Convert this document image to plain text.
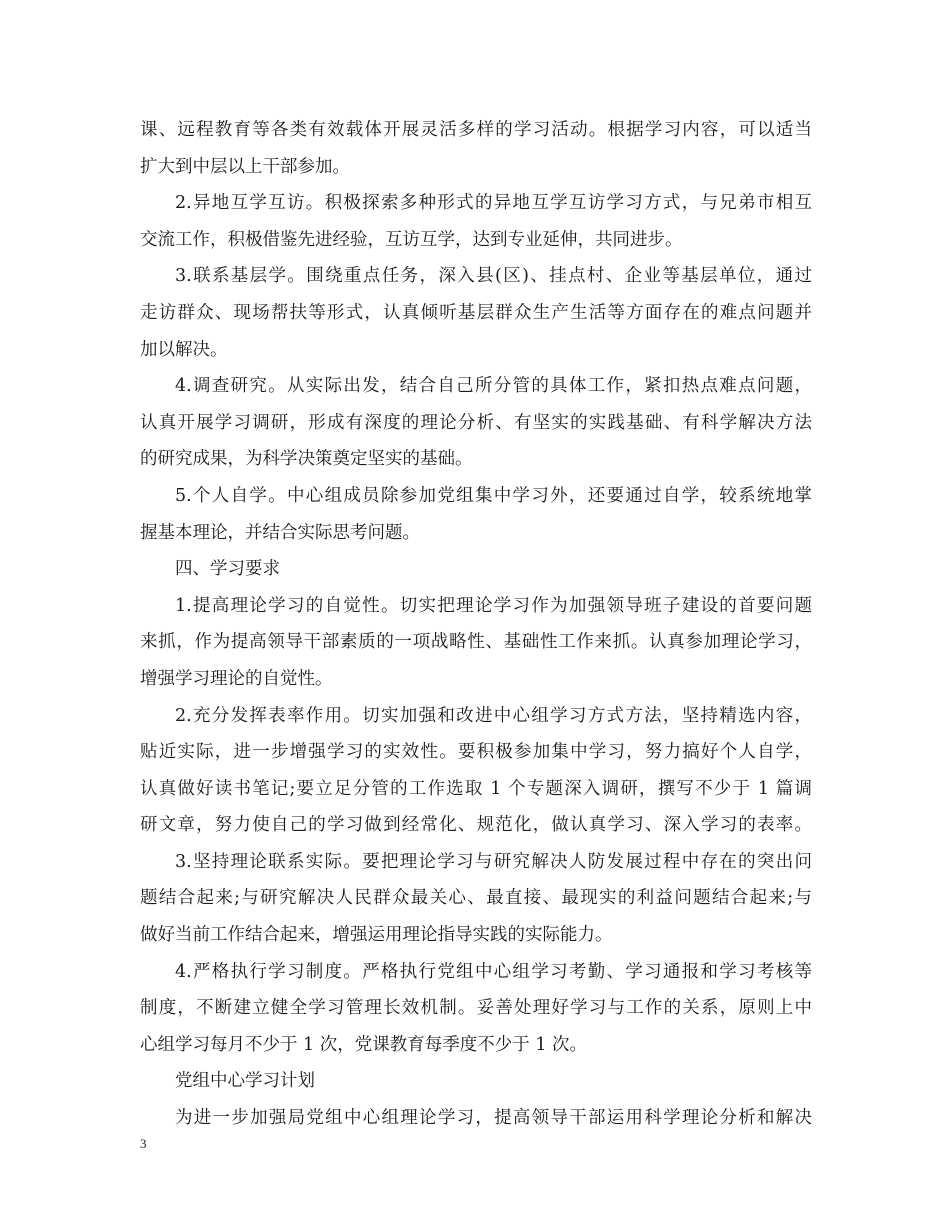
课、远程教育等各类有效载体开展灵活多样的学习活动。根据学习内容，可以适当
扩大到中层以上干部参加。
2.异地互学互访。积极探索多种形式的异地互学互访学习方式，与兄弟市相互
交流工作，积极借鉴先进经验，互访互学，达到专业延伸，共同进步。
3.联系基层学。围绕重点任务，深入县(区)、挂点村、企业等基层单位，通过
走访群众、现场帮扶等形式，认真倾听基层群众生产生活等方面存在的难点问题并
加以解决。
4.调查研究。从实际出发，结合自己所分管的具体工作，紧扣热点难点问题，
认真开展学习调研，形成有深度的理论分析、有坚实的实践基础、有科学解决方法
的研究成果，为科学决策奠定坚实的基础。
5.个人自学。中心组成员除参加党组集中学习外，还要通过自学，较系统地掌
握基本理论，并结合实际思考问题。
四、学习要求
1.提高理论学习的自觉性。切实把理论学习作为加强领导班子建设的首要问题
来抓，作为提高领导干部素质的一项战略性、基础性工作来抓。认真参加理论学习，
增强学习理论的自觉性。
2.充分发挥表率作用。切实加强和改进中心组学习方式方法，坚持精选内容，
贴近实际，进一步增强学习的实效性。要积极参加集中学习，努力搞好个人自学，
认真做好读书笔记;要立足分管的工作选取 1 个专题深入调研，撰写不少于 1 篇调
研文章，努力使自己的学习做到经常化、规范化，做认真学习、深入学习的表率。
3.坚持理论联系实际。要把理论学习与研究解决人防发展过程中存在的突出问
题结合起来;与研究解决人民群众最关心、最直接、最现实的利益问题结合起来;与
做好当前工作结合起来，增强运用理论指导实践的实际能力。
4.严格执行学习制度。严格执行党组中心组学习考勤、学习通报和学习考核等
制度，不断建立健全学习管理长效机制。妥善处理好学习与工作的关系，原则上中
心组学习每月不少于 1 次，党课教育每季度不少于 1 次。
党组中心学习计划
为进一步加强局党组中心组理论学习，提高领导干部运用科学理论分析和解决
3
